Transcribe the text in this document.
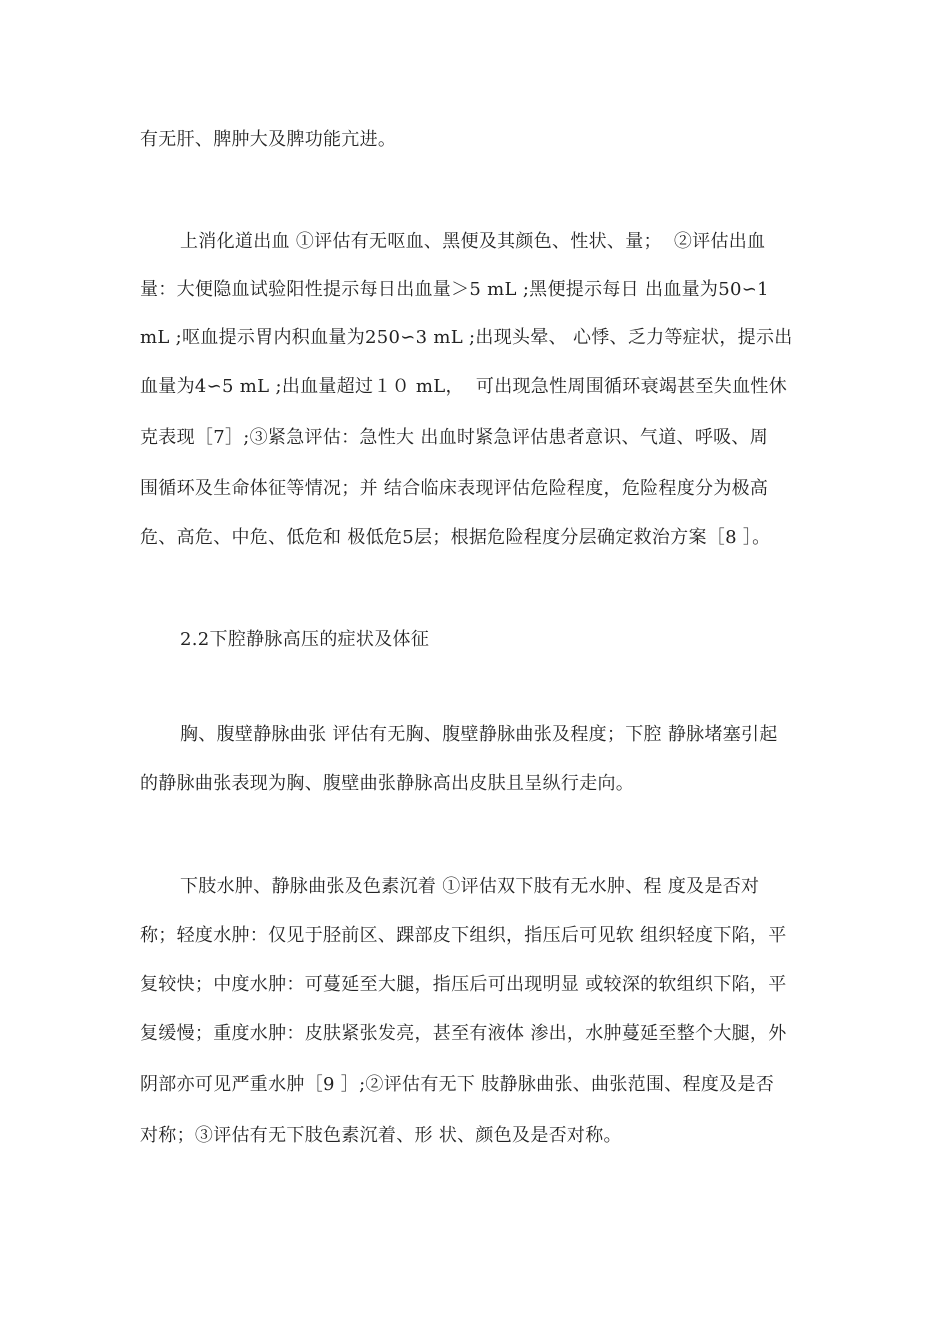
有无肝、脾肿大及脾功能亢进。
上消化道出血 ①评估有无呕血、黑便及其颜色、性状、量；  ②评估出血
量：大便隐血试验阳性提示每日出血量＞5 mL ;黑便提示每日 出血量为50∽1
mL ;呕血提示胃内积血量为250∽3 mL ;出现头晕、 心悸、乏力等症状，提示出
血量为4∽5 mL ;出血量超过１０ mL，  可出现急性周围循环衰竭甚至失血性休
克表现［7］;③紧急评估：急性大 出血时紧急评估患者意识、气道、呼吸、周
围循环及生命体征等情况；并 结合临床表现评估危险程度，危险程度分为极高
危、高危、中危、低危和 极低危5层；根据危险程度分层确定救治方案［8 ］。
2.2下腔静脉高压的症状及体征
胸、腹壁静脉曲张 评估有无胸、腹壁静脉曲张及程度；下腔 静脉堵塞引起
的静脉曲张表现为胸、腹壁曲张静脉高出皮肤且呈纵行走向。
下肢水肿、静脉曲张及色素沉着 ①评估双下肢有无水肿、程 度及是否对
称；轻度水肿：仅见于胫前区、踝部皮下组织，指压后可见软 组织轻度下陷，平
复较快；中度水肿：可蔓延至大腿，指压后可出现明显 或较深的软组织下陷，平
复缓慢；重度水肿：皮肤紧张发亮，甚至有液体 渗出，水肿蔓延至整个大腿，外
阴部亦可见严重水肿［9 ］;②评估有无下 肢静脉曲张、曲张范围、程度及是否
对称；③评估有无下肢色素沉着、形 状、颜色及是否对称。
